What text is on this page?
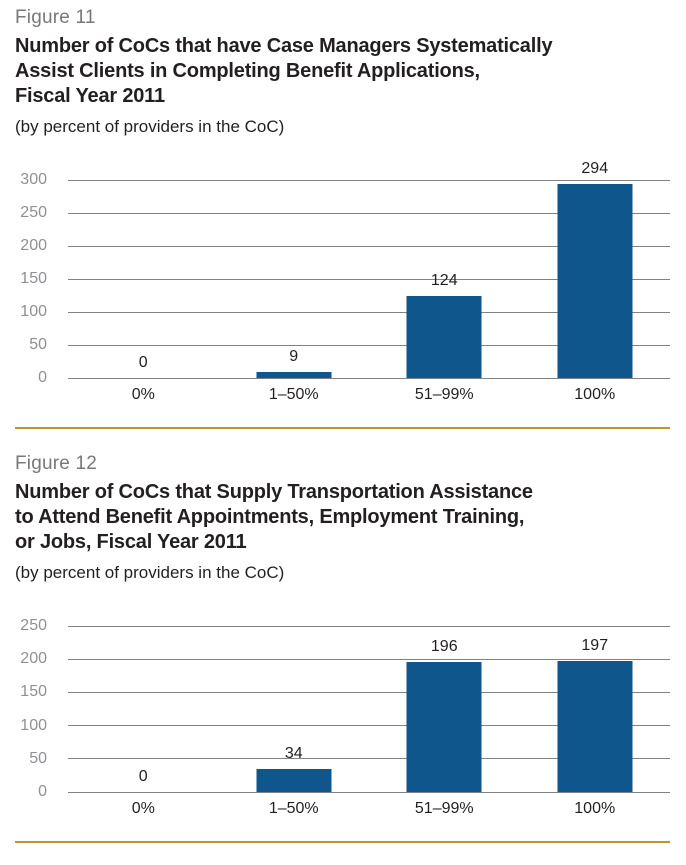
Figure 11
Number of CoCs that have Case Managers Systematically
Assist Clients in Completing Benefit Applications,
Fiscal Year 2011
(by percent of providers in the CoC)
0
50
100
150
200
250
300
0	9
124
294
0%	1–50%	51–99%	100%
Figure 12
Number of CoCs that Supply Transportation Assistance
to Attend Benefit Appointments, Employment Training,
or Jobs, Fiscal Year 2011
(by percent of providers in the CoC)
0
50
100
150
200
250
0
34
196	197
0%	1–50%	51–99%	100%
